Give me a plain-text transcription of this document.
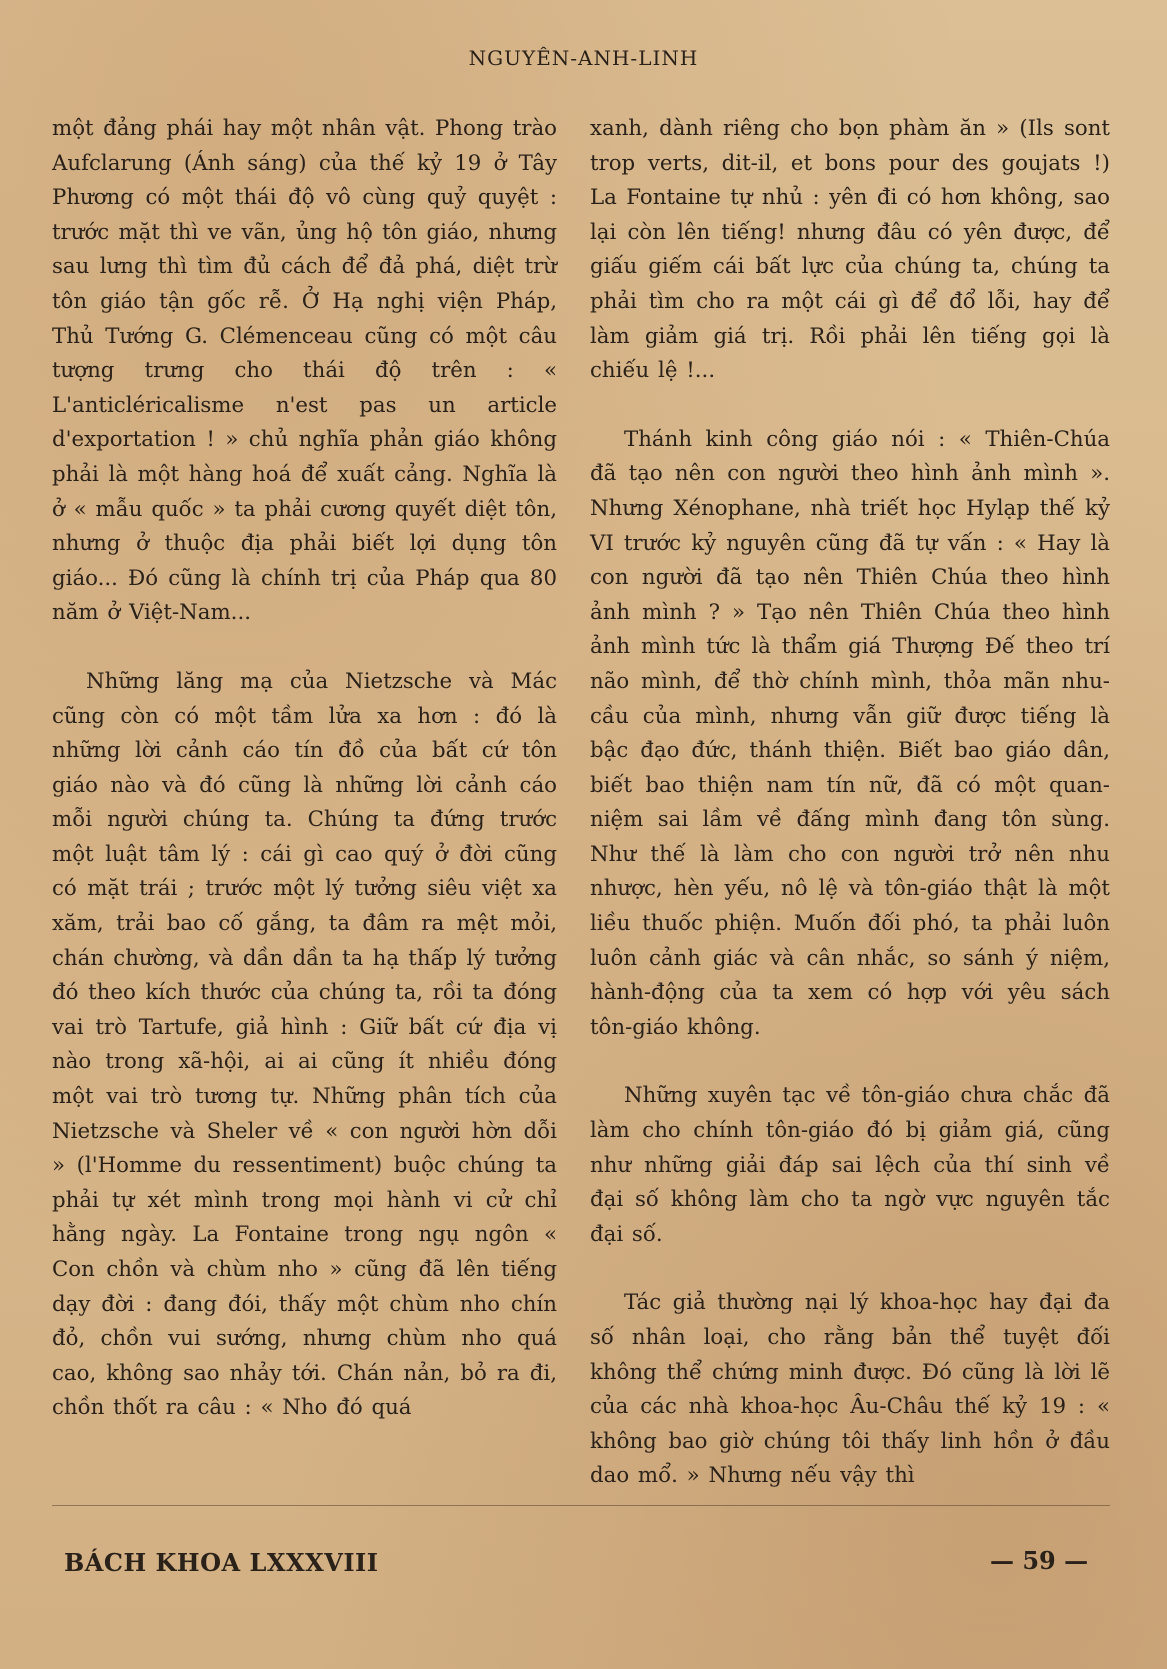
NGUYÊN-ANH-LINH

một đảng phái hay một nhân vật. Phong trào Aufclarung (Ánh sáng) của thế kỷ 19 ở Tây Phương có một thái độ vô cùng quỷ quyệt : trước mặt thì ve vãn, ủng hộ tôn giáo, nhưng sau lưng thì tìm đủ cách để đả phá, diệt trừ tôn giáo tận gốc rễ. Ở Hạ nghị viện Pháp, Thủ Tướng G. Clémenceau cũng có một câu tượng trưng cho thái độ trên : « L'anticléricalisme n'est pas un article d'exportation ! » chủ nghĩa phản giáo không phải là một hàng hoá để xuất cảng. Nghĩa là ở « mẫu quốc » ta phải cương quyết diệt tôn, nhưng ở thuộc địa phải biết lợi dụng tôn giáo... Đó cũng là chính trị của Pháp qua 80 năm ở Việt-Nam...

Những lăng mạ của Nietzsche và Mác cũng còn có một tầm lửa xa hơn : đó là những lời cảnh cáo tín đồ của bất cứ tôn giáo nào và đó cũng là những lời cảnh cáo mỗi người chúng ta. Chúng ta đứng trước một luật tâm lý : cái gì cao quý ở đời cũng có mặt trái ; trước một lý tưởng siêu việt xa xăm, trải bao cố gắng, ta đâm ra mệt mỏi, chán chường, và dần dần ta hạ thấp lý tưởng đó theo kích thước của chúng ta, rồi ta đóng vai trò Tartufe, giả hình : Giữ bất cứ địa vị nào trong xã-hội, ai ai cũng ít nhiều đóng một vai trò tương tự. Những phân tích của Nietzsche và Sheler về « con người hờn dỗi » (l'Homme du ressentiment) buộc chúng ta phải tự xét mình trong mọi hành vi cử chỉ hằng ngày. La Fontaine trong ngụ ngôn « Con chồn và chùm nho » cũng đã lên tiếng dạy đời : đang đói, thấy một chùm nho chín đỏ, chồn vui sướng, nhưng chùm nho quá cao, không sao nhảy tới. Chán nản, bỏ ra đi, chồn thốt ra câu : « Nho đó quá

xanh, dành riêng cho bọn phàm ăn » (Ils sont trop verts, dit-il, et bons pour des goujats !) La Fontaine tự nhủ : yên đi có hơn không, sao lại còn lên tiếng! nhưng đâu có yên được, để giấu giếm cái bất lực của chúng ta, chúng ta phải tìm cho ra một cái gì để đổ lỗi, hay để làm giảm giá trị. Rồi phải lên tiếng gọi là chiếu lệ !...

Thánh kinh công giáo nói : « Thiên-Chúa đã tạo nên con người theo hình ảnh mình ». Nhưng Xénophane, nhà triết học Hylạp thế kỷ VI trước kỷ nguyên cũng đã tự vấn : « Hay là con người đã tạo nên Thiên Chúa theo hình ảnh mình ? » Tạo nên Thiên Chúa theo hình ảnh mình tức là thẩm giá Thượng Đế theo trí não mình, để thờ chính mình, thỏa mãn nhu-cầu của mình, nhưng vẫn giữ được tiếng là bậc đạo đức, thánh thiện. Biết bao giáo dân, biết bao thiện nam tín nữ, đã có một quan-niệm sai lầm về đấng mình đang tôn sùng. Như thế là làm cho con người trở nên nhu nhược, hèn yếu, nô lệ và tôn-giáo thật là một liều thuốc phiện. Muốn đối phó, ta phải luôn luôn cảnh giác và cân nhắc, so sánh ý niệm, hành-động của ta xem có hợp với yêu sách tôn-giáo không.

Những xuyên tạc về tôn-giáo chưa chắc đã làm cho chính tôn-giáo đó bị giảm giá, cũng như những giải đáp sai lệch của thí sinh về đại số không làm cho ta ngờ vực nguyên tắc đại số.

Tác giả thường nại lý khoa-học hay đại đa số nhân loại, cho rằng bản thể tuyệt đối không thể chứng minh được. Đó cũng là lời lẽ của các nhà khoa-học Âu-Châu thế kỷ 19 : « không bao giờ chúng tôi thấy linh hồn ở đầu dao mổ. » Nhưng nếu vậy thì

BÁCH KHOA LXXXVIII	— 59 —
